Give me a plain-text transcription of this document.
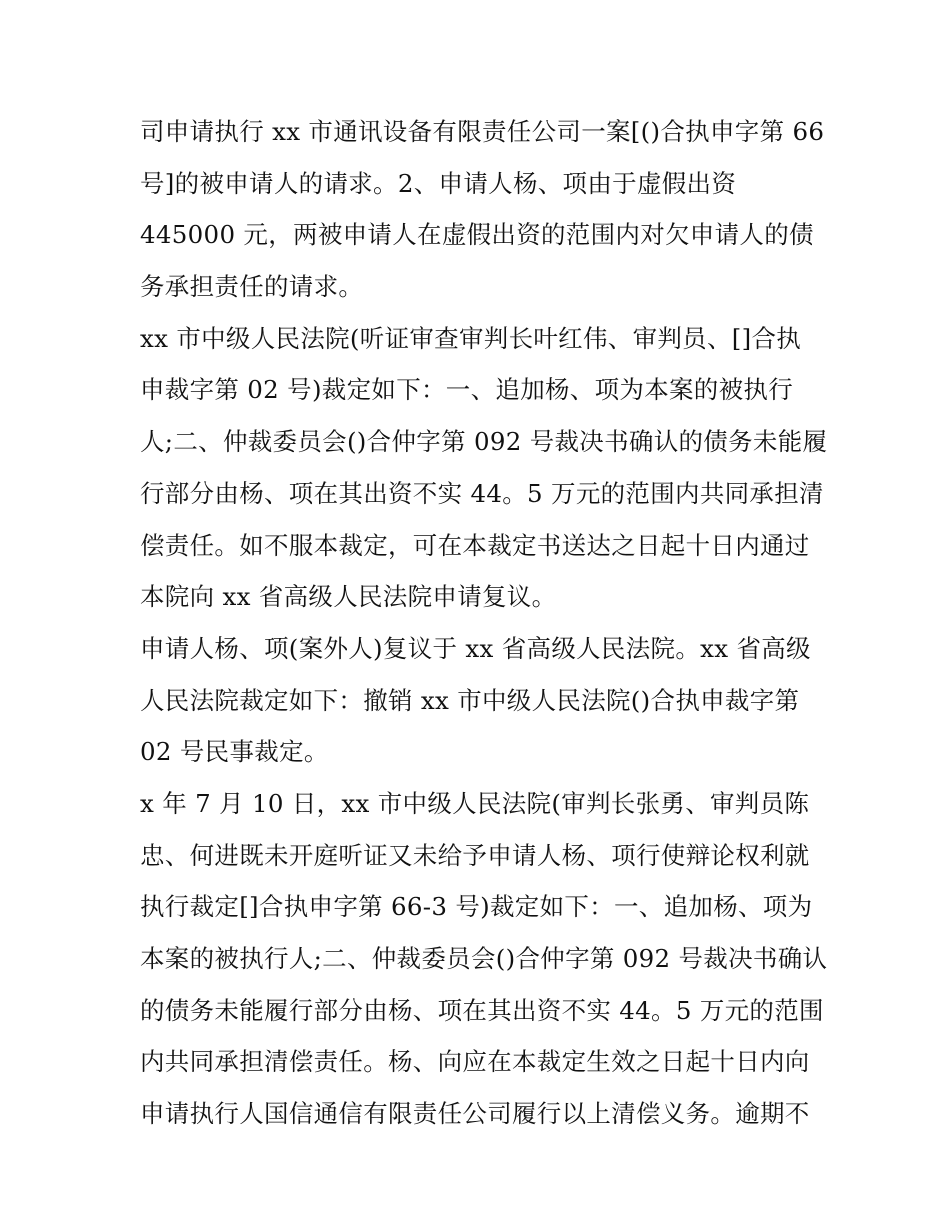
司申请执行 xx 市通讯设备有限责任公司一案[()合执申字第 66
号]的被申请人的请求。2、申请人杨、项由于虚假出资
445000 元，两被申请人在虚假出资的范围内对欠申请人的债
务承担责任的请求。
xx 市中级人民法院(听证审查审判长叶红伟、审判员、[]合执
申裁字第 02 号)裁定如下：一、追加杨、项为本案的被执行
人;二、仲裁委员会()合仲字第 092 号裁决书确认的债务未能履
行部分由杨、项在其出资不实 44。5 万元的范围内共同承担清
偿责任。如不服本裁定，可在本裁定书送达之日起十日内通过
本院向 xx 省高级人民法院申请复议。
申请人杨、项(案外人)复议于 xx 省高级人民法院。xx 省高级
人民法院裁定如下：撤销 xx 市中级人民法院()合执申裁字第
02 号民事裁定。
x 年 7 月 10 日，xx 市中级人民法院(审判长张勇、审判员陈
忠、何进既未开庭听证又未给予申请人杨、项行使辩论权利就
执行裁定[]合执申字第 66-3 号)裁定如下：一、追加杨、项为
本案的被执行人;二、仲裁委员会()合仲字第 092 号裁决书确认
的债务未能履行部分由杨、项在其出资不实 44。5 万元的范围
内共同承担清偿责任。杨、向应在本裁定生效之日起十日内向
申请执行人国信通信有限责任公司履行以上清偿义务。逾期不
